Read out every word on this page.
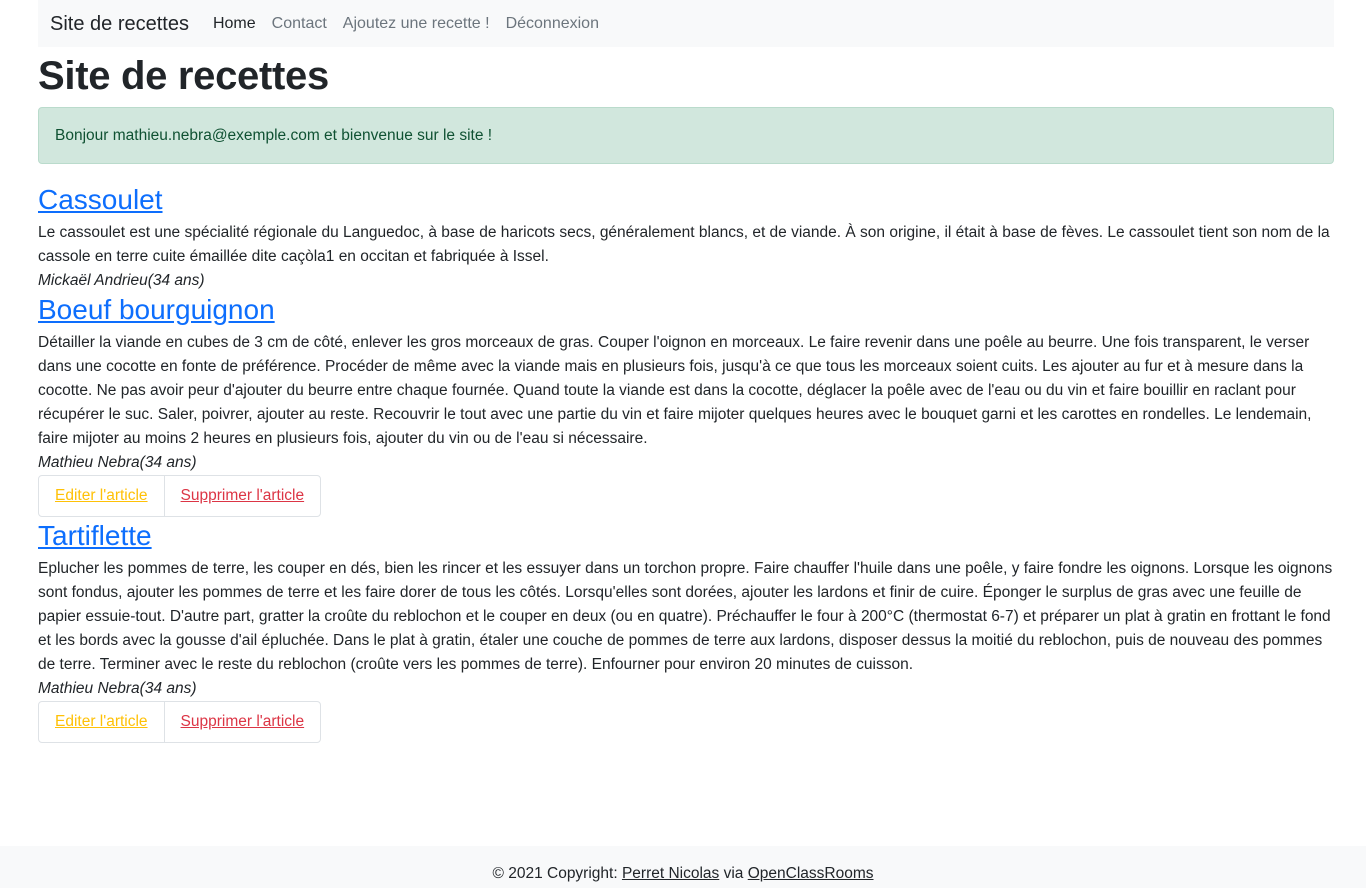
Site de recettes Home Contact Ajoutez une recette ! Déconnexion
Site de recettes
Bonjour mathieu.nebra@exemple.com et bienvenue sur le site !
Cassoulet
Le cassoulet est une spécialité régionale du Languedoc, à base de haricots secs, généralement blancs, et de viande. À son origine, il était à base de fèves. Le cassoulet tient son nom de la cassole en terre cuite émaillée dite caçòla1 en occitan et fabriquée à Issel.
Mickaël Andrieu(34 ans)
Boeuf bourguignon
Détailler la viande en cubes de 3 cm de côté, enlever les gros morceaux de gras. Couper l'oignon en morceaux. Le faire revenir dans une poêle au beurre. Une fois transparent, le verser dans une cocotte en fonte de préférence. Procéder de même avec la viande mais en plusieurs fois, jusqu'à ce que tous les morceaux soient cuits. Les ajouter au fur et à mesure dans la cocotte. Ne pas avoir peur d'ajouter du beurre entre chaque fournée. Quand toute la viande est dans la cocotte, déglacer la poêle avec de l'eau ou du vin et faire bouillir en raclant pour récupérer le suc. Saler, poivrer, ajouter au reste. Recouvrir le tout avec une partie du vin et faire mijoter quelques heures avec le bouquet garni et les carottes en rondelles. Le lendemain, faire mijoter au moins 2 heures en plusieurs fois, ajouter du vin ou de l'eau si nécessaire.
Mathieu Nebra(34 ans)
Editer l'article	Supprimer l'article
Tartiflette
Eplucher les pommes de terre, les couper en dés, bien les rincer et les essuyer dans un torchon propre. Faire chauffer l'huile dans une poêle, y faire fondre les oignons. Lorsque les oignons sont fondus, ajouter les pommes de terre et les faire dorer de tous les côtés. Lorsqu'elles sont dorées, ajouter les lardons et finir de cuire. Éponger le surplus de gras avec une feuille de papier essuie-tout. D'autre part, gratter la croûte du reblochon et le couper en deux (ou en quatre). Préchauffer le four à 200°C (thermostat 6-7) et préparer un plat à gratin en frottant le fond et les bords avec la gousse d'ail épluchée. Dans le plat à gratin, étaler une couche de pommes de terre aux lardons, disposer dessus la moitié du reblochon, puis de nouveau des pommes de terre. Terminer avec le reste du reblochon (croûte vers les pommes de terre). Enfourner pour environ 20 minutes de cuisson.
Mathieu Nebra(34 ans)
Editer l'article	Supprimer l'article
© 2021 Copyright: Perret Nicolas via OpenClassRooms
